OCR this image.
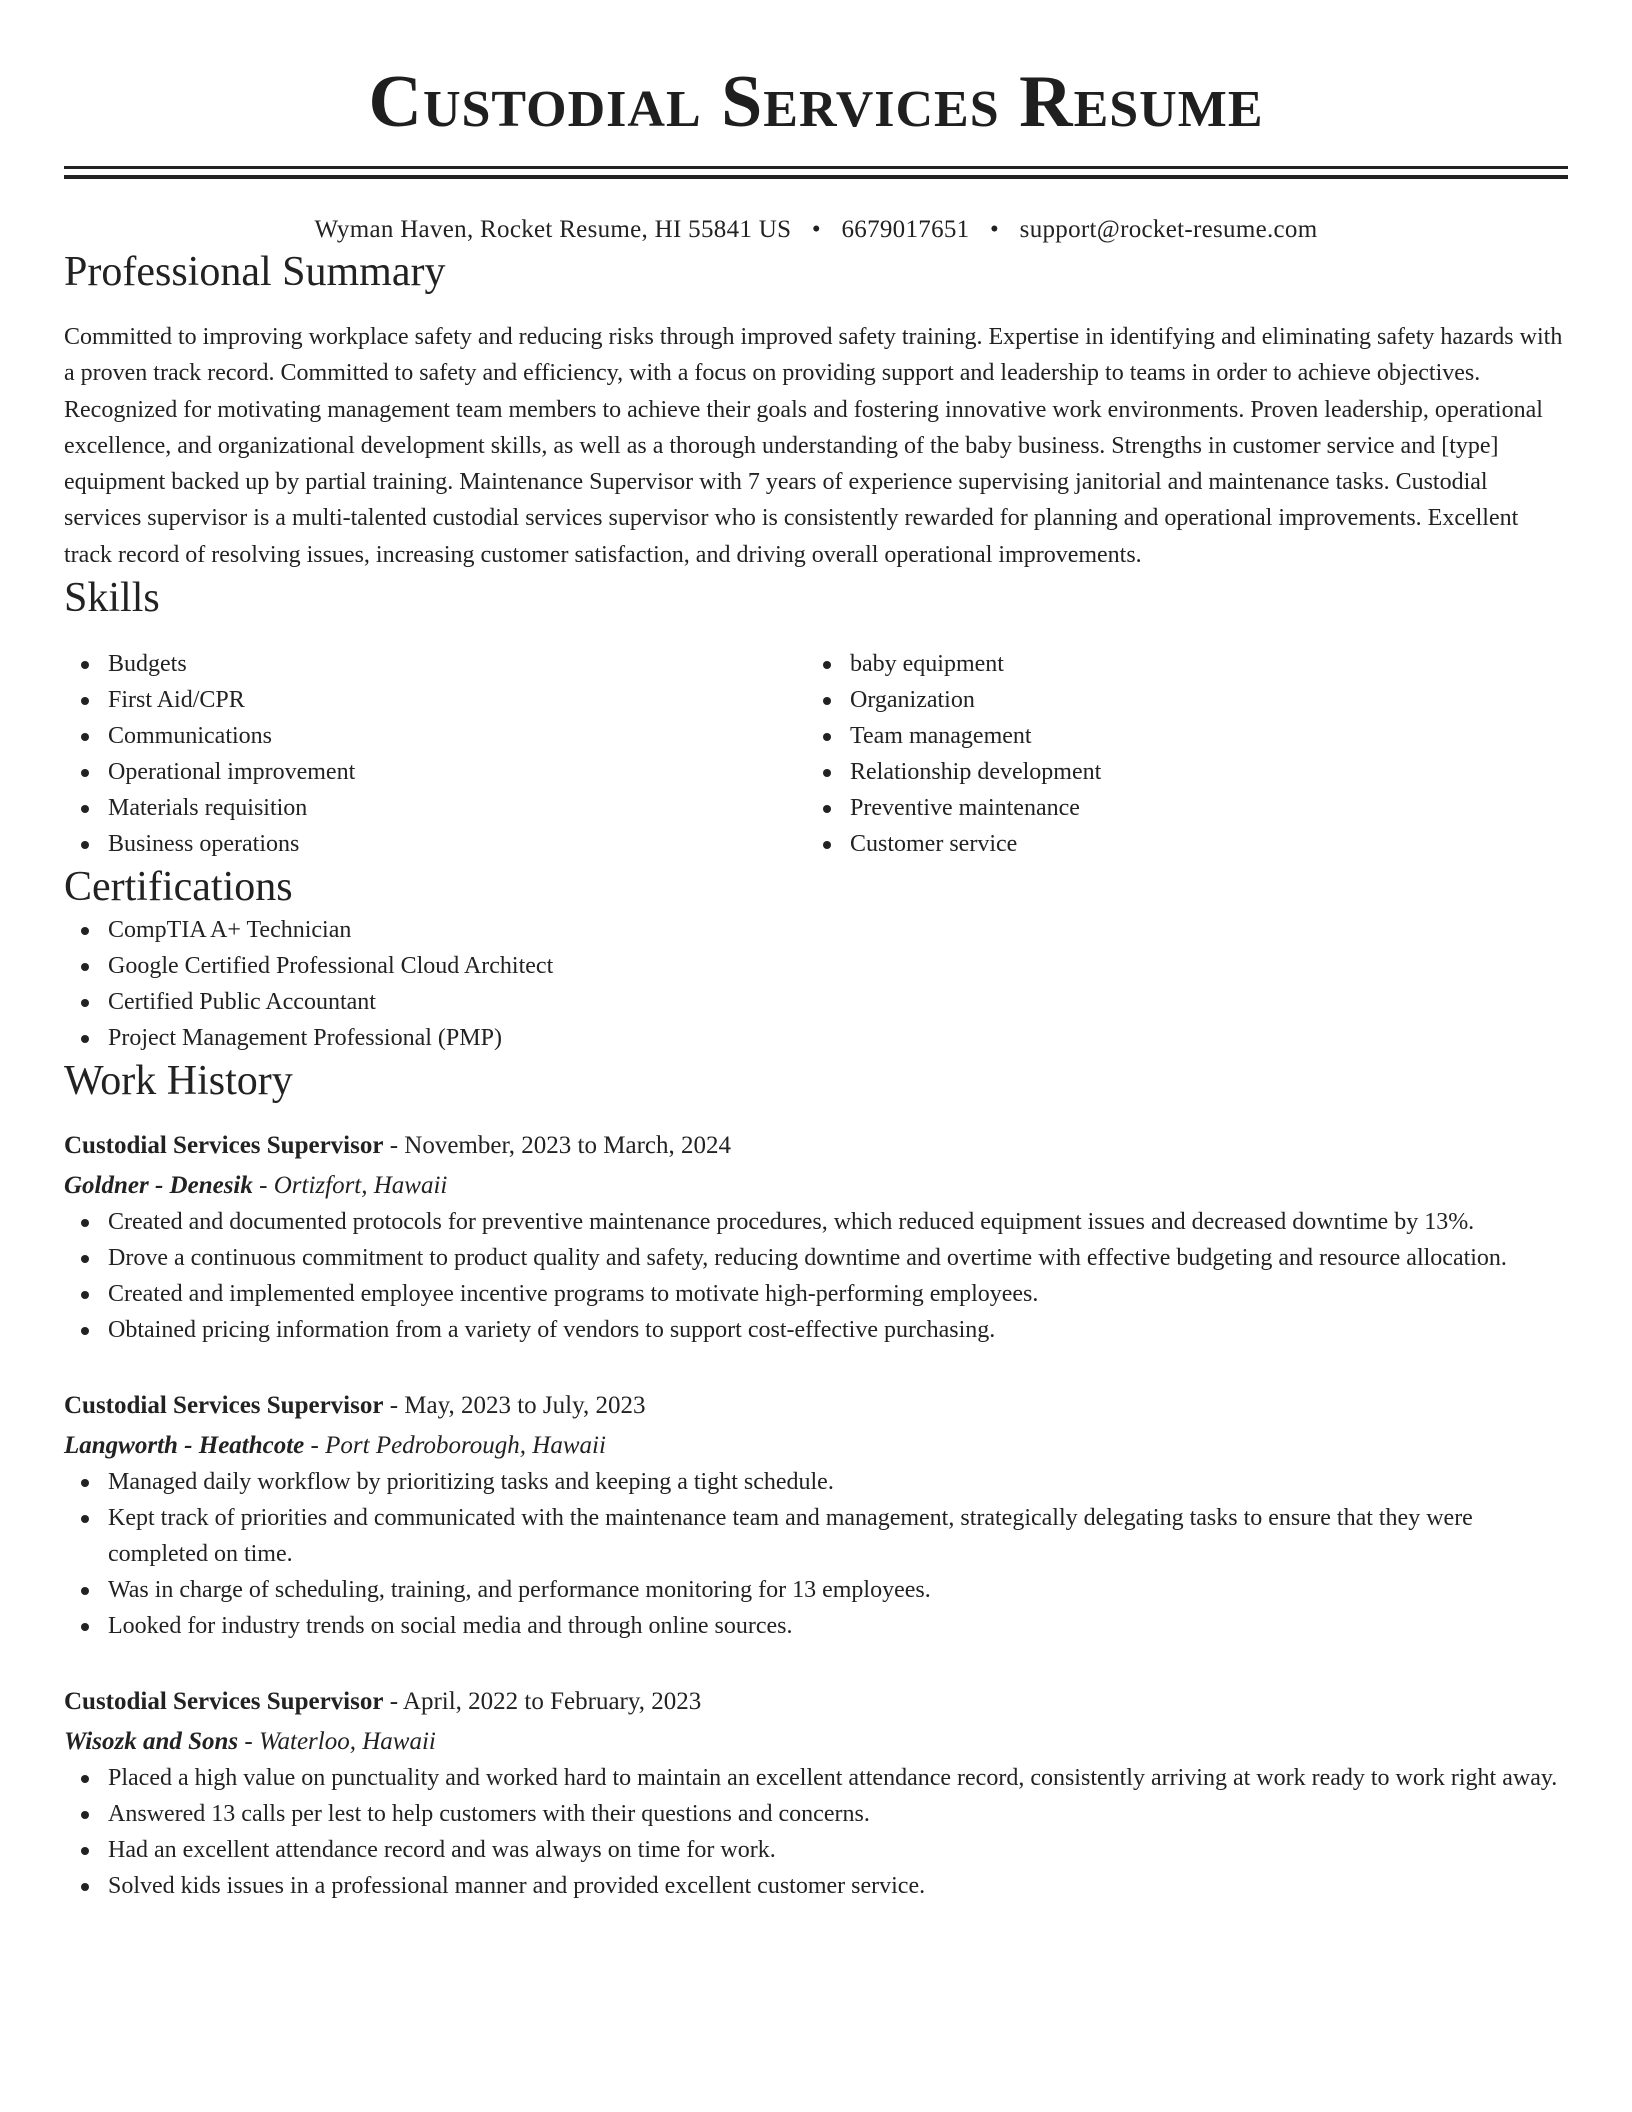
Custodial Services Resume
Wyman Haven, Rocket Resume, HI 55841 US • 6679017651 • support@rocket-resume.com
Professional Summary

Committed to improving workplace safety and reducing risks through improved safety training. Expertise in identifying and eliminating safety hazards with a proven track record. Committed to safety and efficiency, with a focus on providing support and leadership to teams in order to achieve objectives. Recognized for motivating management team members to achieve their goals and fostering innovative work environments. Proven leadership, operational excellence, and organizational development skills, as well as a thorough understanding of the baby business. Strengths in customer service and [type] equipment backed up by partial training. Maintenance Supervisor with 7 years of experience supervising janitorial and maintenance tasks. Custodial services supervisor is a multi-talented custodial services supervisor who is consistently rewarded for planning and operational improvements. Excellent track record of resolving issues, increasing customer satisfaction, and driving overall operational improvements.

Skills
Budgets
First Aid/CPR
Communications
Operational improvement
Materials requisition
Business operations
baby equipment
Organization
Team management
Relationship development
Preventive maintenance
Customer service
Certifications
CompTIA A+ Technician
Google Certified Professional Cloud Architect
Certified Public Accountant
Project Management Professional (PMP)
Work History
Custodial Services Supervisor - November, 2023 to March, 2024
Goldner - Denesik - Ortizfort, Hawaii
Created and documented protocols for preventive maintenance procedures, which reduced equipment issues and decreased downtime by 13%.
Drove a continuous commitment to product quality and safety, reducing downtime and overtime with effective budgeting and resource allocation.
Created and implemented employee incentive programs to motivate high-performing employees.
Obtained pricing information from a variety of vendors to support cost-effective purchasing.
Custodial Services Supervisor - May, 2023 to July, 2023
Langworth - Heathcote - Port Pedroborough, Hawaii
Managed daily workflow by prioritizing tasks and keeping a tight schedule.
Kept track of priorities and communicated with the maintenance team and management, strategically delegating tasks to ensure that they were completed on time.
Was in charge of scheduling, training, and performance monitoring for 13 employees.
Looked for industry trends on social media and through online sources.
Custodial Services Supervisor - April, 2022 to February, 2023
Wisozk and Sons - Waterloo, Hawaii
Placed a high value on punctuality and worked hard to maintain an excellent attendance record, consistently arriving at work ready to work right away.
Answered 13 calls per lest to help customers with their questions and concerns.
Had an excellent attendance record and was always on time for work.
Solved kids issues in a professional manner and provided excellent customer service.
